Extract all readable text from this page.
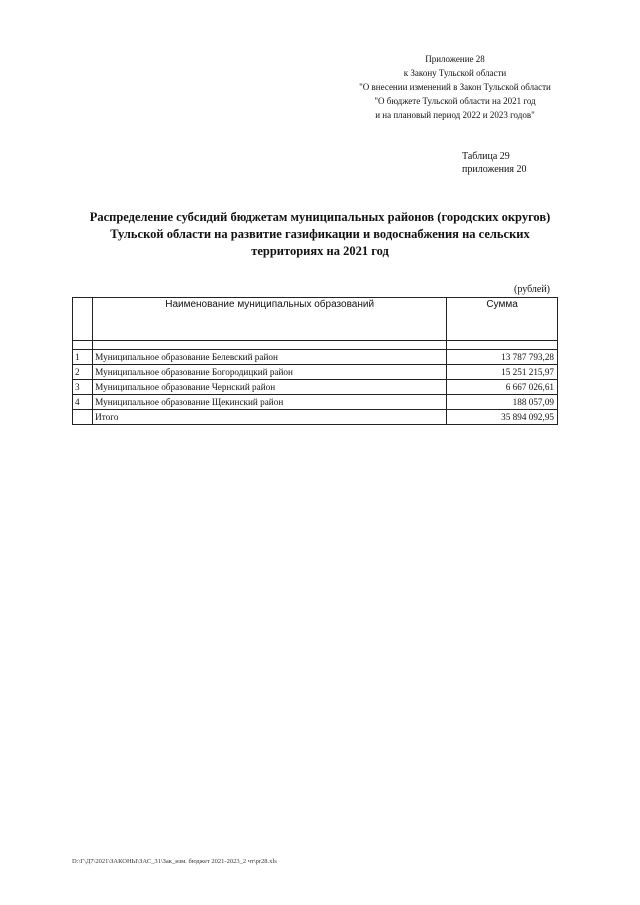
Приложение 28
к Закону Тульской области
"О внесении изменений в Закон Тульской области
"О бюджете Тульской области на 2021 год
и на плановый период 2022 и 2023 годов"
Таблица 29
приложения 20
Распределение субсидий бюджетам муниципальных районов (городских округов)
Тульской области на развитие газификации и водоснабжения на сельских
территориях на 2021 год
(рублей)
	Наименование муниципальных образований	Сумма

1	Муниципальное образование Белевский район	13 787 793,28
2	Муниципальное образование Богородицкий район	15 251 215,97
3	Муниципальное образование Чернский район	6 667 026,61
4	Муниципальное образование Щекинский район	188 057,09
	Итого	35 894 092,95
D:\Г\Д7\2021\ЗАКОНЫ\ЗАС_31\Зак_изм. бюджет 2021-2023_2 чт\pr28.xls
